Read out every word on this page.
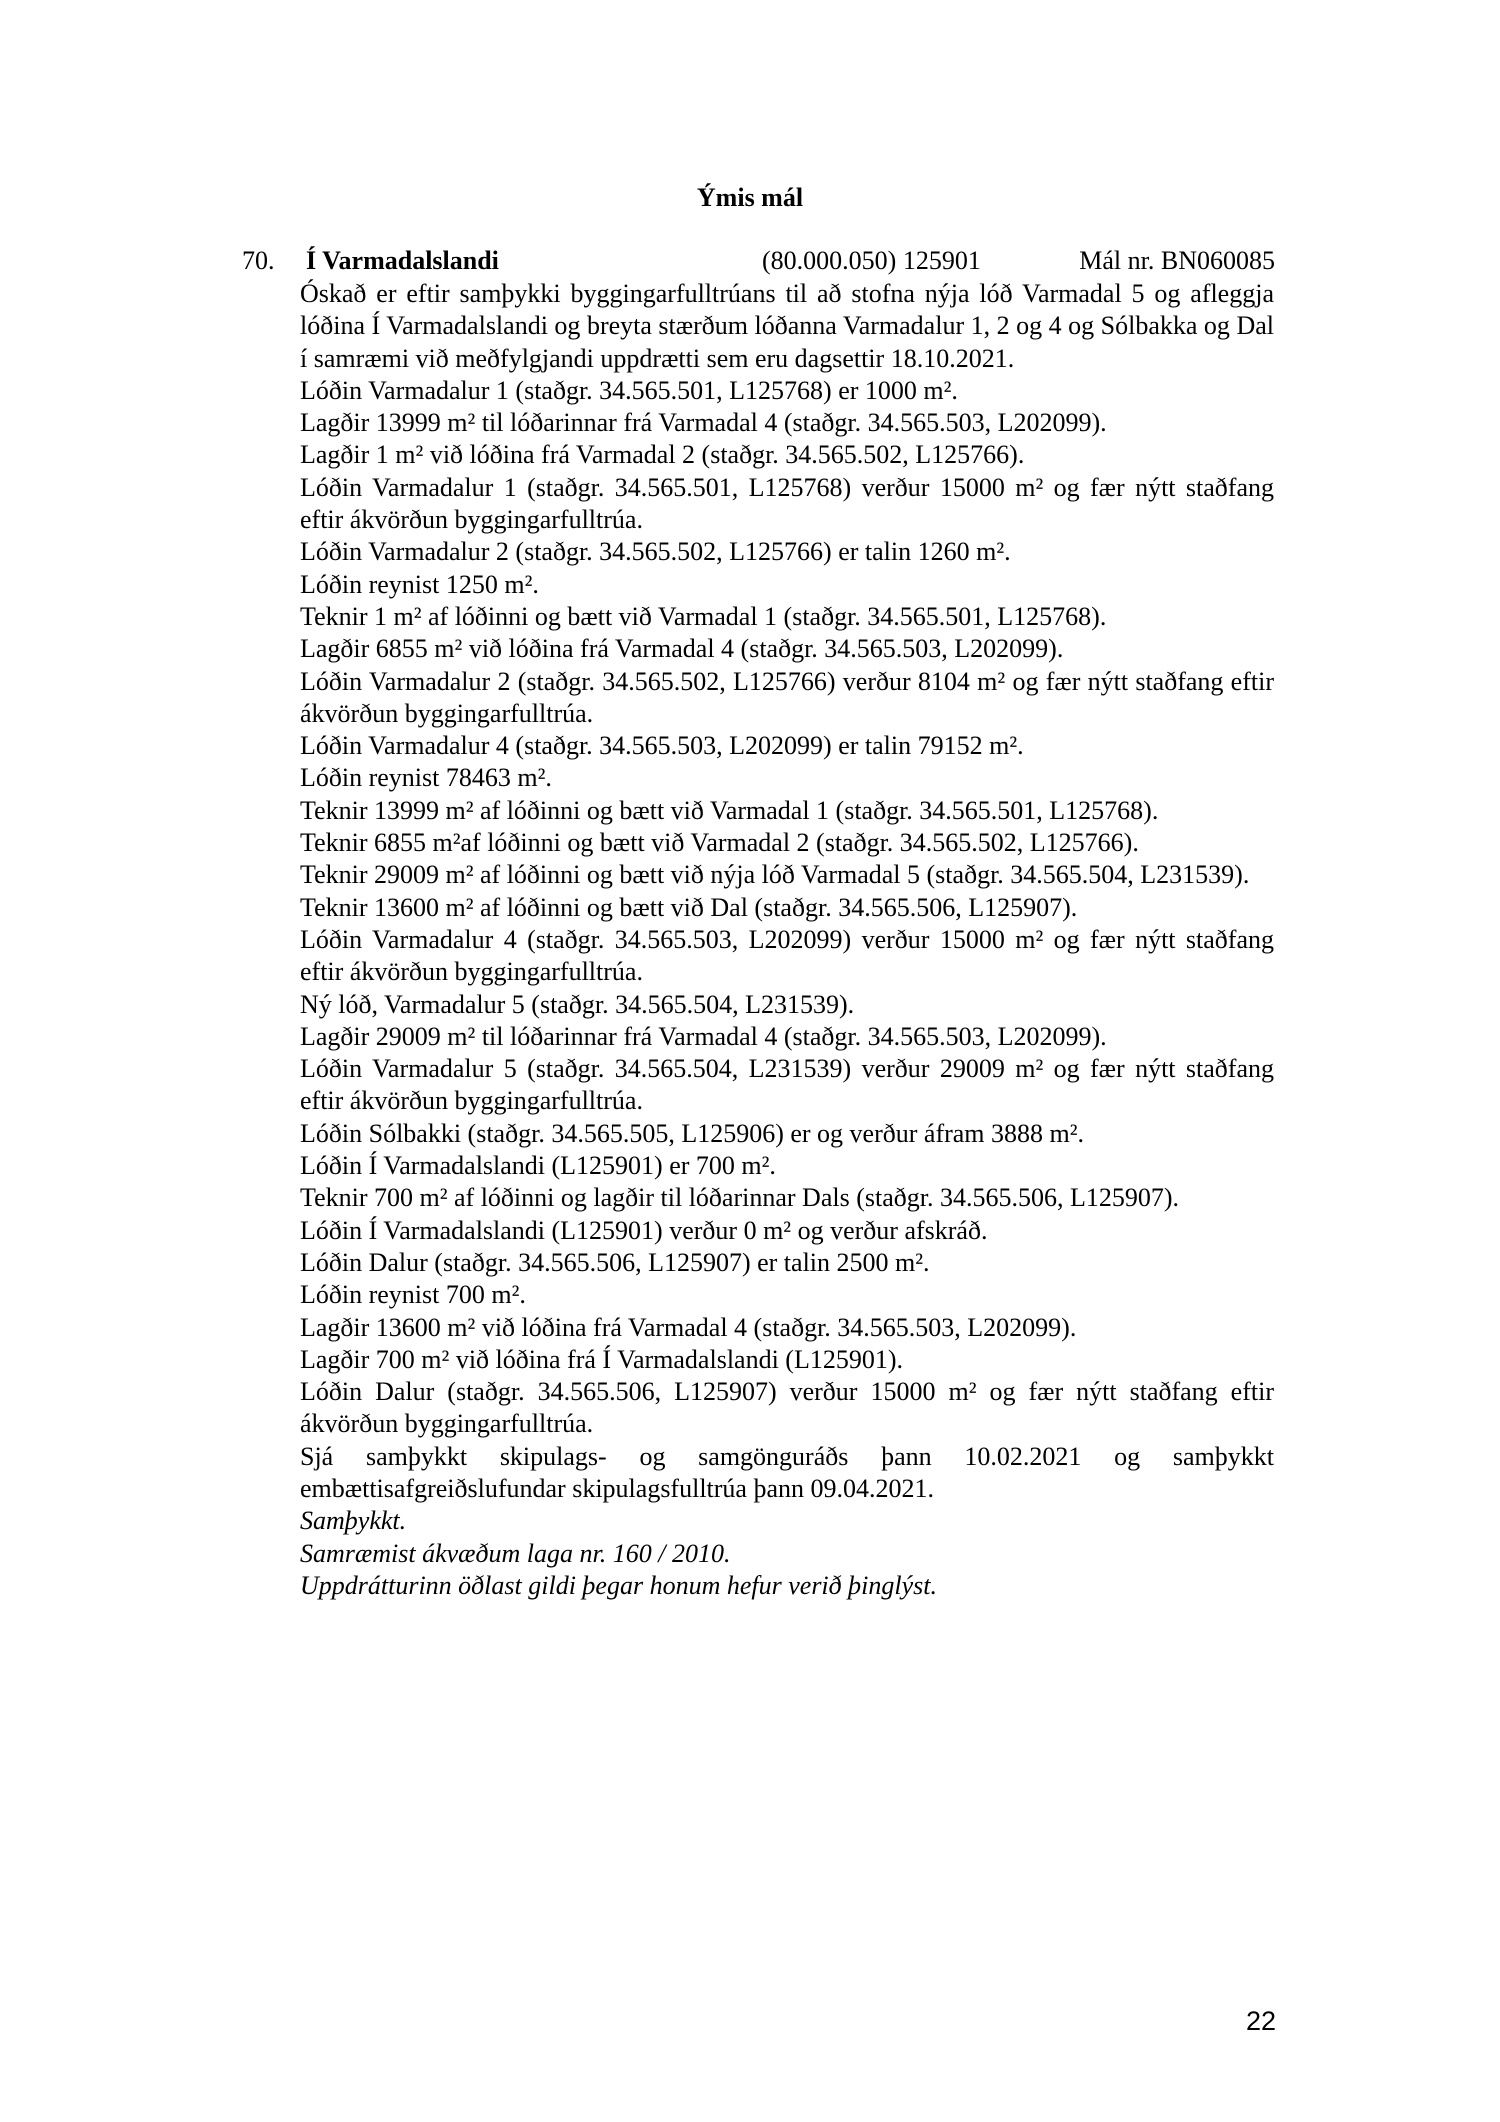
Ýmis mál
70. Í Varmadalslandi	(80.000.050) 125901	Mál nr. BN060085

Óskað er eftir samþykki byggingarfulltrúans til að stofna nýja lóð Varmadal 5 og afleggja lóðina Í Varmadalslandi og breyta stærðum lóðanna Varmadalur 1, 2 og 4 og Sólbakka og Dal í samræmi við meðfylgjandi uppdrætti sem eru dagsettir 18.10.2021.

Lóðin Varmadalur 1 (staðgr. 34.565.501, L125768) er 1000 m².

Lagðir 13999 m² til lóðarinnar frá Varmadal 4 (staðgr. 34.565.503, L202099).

Lagðir 1 m² við lóðina frá Varmadal 2 (staðgr. 34.565.502, L125766).

Lóðin Varmadalur 1 (staðgr. 34.565.501, L125768) verður 15000 m² og fær nýtt staðfang eftir ákvörðun byggingarfulltrúa.

Lóðin Varmadalur 2 (staðgr. 34.565.502, L125766) er talin 1260 m².

Lóðin reynist 1250 m².

Teknir 1 m² af lóðinni og bætt við Varmadal 1 (staðgr. 34.565.501, L125768).

Lagðir 6855 m² við lóðina frá Varmadal 4 (staðgr. 34.565.503, L202099).

Lóðin Varmadalur 2 (staðgr. 34.565.502, L125766) verður 8104 m² og fær nýtt staðfang eftir ákvörðun byggingarfulltrúa.

Lóðin Varmadalur 4 (staðgr. 34.565.503, L202099) er talin 79152 m².

Lóðin reynist 78463 m².

Teknir 13999 m² af lóðinni og bætt við Varmadal 1 (staðgr. 34.565.501, L125768).

Teknir 6855 m²af lóðinni og bætt við Varmadal 2 (staðgr. 34.565.502, L125766).

Teknir 29009 m² af lóðinni og bætt við nýja lóð Varmadal 5 (staðgr. 34.565.504, L231539).

Teknir 13600 m² af lóðinni og bætt við Dal (staðgr. 34.565.506, L125907).

Lóðin Varmadalur 4 (staðgr. 34.565.503, L202099) verður 15000 m² og fær nýtt staðfang eftir ákvörðun byggingarfulltrúa.

Ný lóð, Varmadalur 5 (staðgr. 34.565.504, L231539).

Lagðir 29009 m² til lóðarinnar frá Varmadal 4 (staðgr. 34.565.503, L202099).

Lóðin Varmadalur 5 (staðgr. 34.565.504, L231539) verður 29009 m² og fær nýtt staðfang eftir ákvörðun byggingarfulltrúa.

Lóðin Sólbakki (staðgr. 34.565.505, L125906) er og verður áfram 3888 m².

Lóðin Í Varmadalslandi (L125901) er 700 m².

Teknir 700 m² af lóðinni og lagðir til lóðarinnar Dals (staðgr. 34.565.506, L125907).

Lóðin Í Varmadalslandi (L125901) verður 0 m² og verður afskráð.

Lóðin Dalur (staðgr. 34.565.506, L125907) er talin 2500 m².

Lóðin reynist 700 m².

Lagðir 13600 m² við lóðina frá Varmadal 4 (staðgr. 34.565.503, L202099).

Lagðir 700 m² við lóðina frá Í Varmadalslandi (L125901).

Lóðin Dalur (staðgr. 34.565.506, L125907) verður 15000 m² og fær nýtt staðfang eftir ákvörðun byggingarfulltrúa.

Sjá samþykkt skipulags- og samgönguráðs þann 10.02.2021 og samþykkt embættisafgreiðslufundar skipulagsfulltrúa þann 09.04.2021.

Samþykkt.

Samræmist ákvæðum laga nr. 160 / 2010.

Uppdrátturinn öðlast gildi þegar honum hefur verið þinglýst.

22
